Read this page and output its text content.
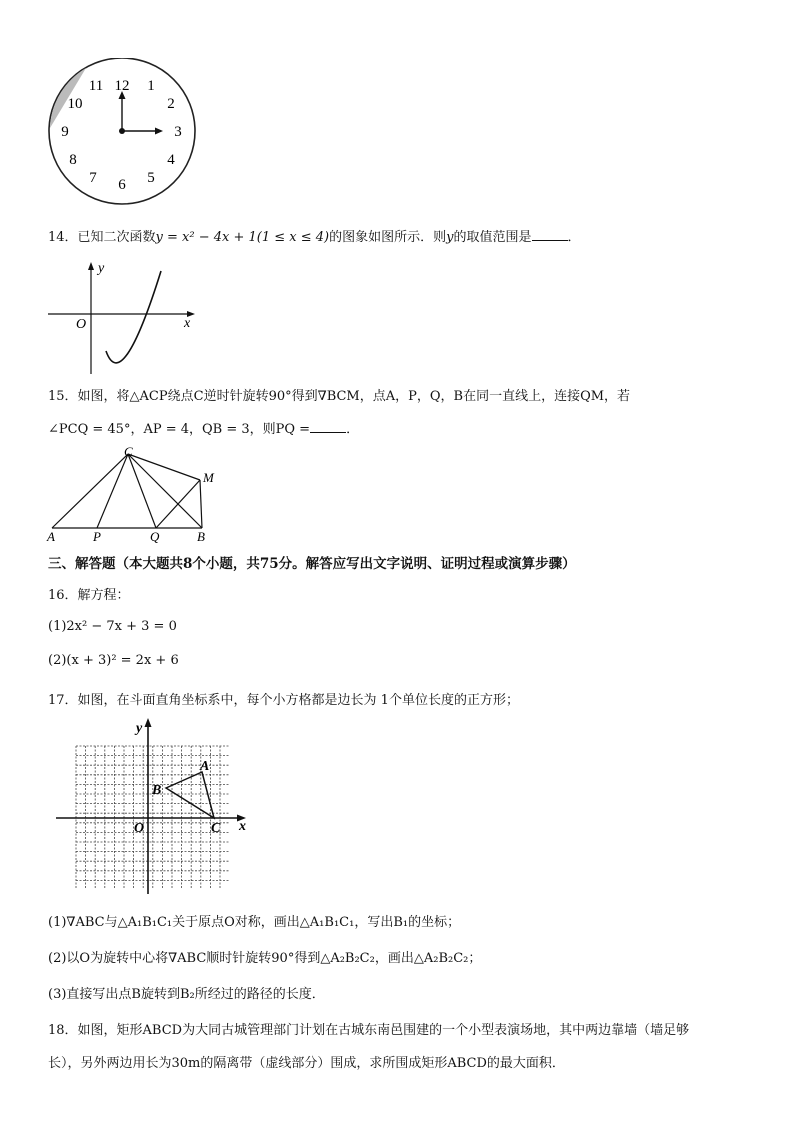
12 1
2
3
4
5
6
7
8
9
10
11
14．已知二次函数y = x² − 4x + 1(1 ≤ x ≤ 4)的图象如图所示．则y的取值范围是	．
x
y
O
15．如图，将△ACP绕点C逆时针旋转90°得到∇BCM，点A，P，Q，B在同一直线上，连接QM，若
∠PCQ = 45°，AP = 4，QB = 3，则PQ =	．
C
M
A	P	Q	B
三、解答题（本大题共8个小题，共75分。解答应写出文字说明、证明过程或演算步骤）
16．解方程：
(1)2x² − 7x + 3 = 0
(2)(x + 3)² = 2x + 6
17．如图，在斗面直角坐标系中，每个小方格都是边长为 1个单位长度的正方形；
x
y
O
A
B
C
(1)∇ABC与△A₁B₁C₁关于原点O对称，画出△A₁B₁C₁，写出B₁的坐标；
(2)以O为旋转中心将∇ABC顺时针旋转90°得到△A₂B₂C₂，画出△A₂B₂C₂；
(3)直接写出点B旋转到B₂所经过的路径的长度．
18．如图，矩形ABCD为大同古城管理部门计划在古城东南邑围建的一个小型表演场地，其中两边靠墙（墙足够
长），另外两边用长为30m的隔离带（虚线部分）围成，求所围成矩形ABCD的最大面积．
